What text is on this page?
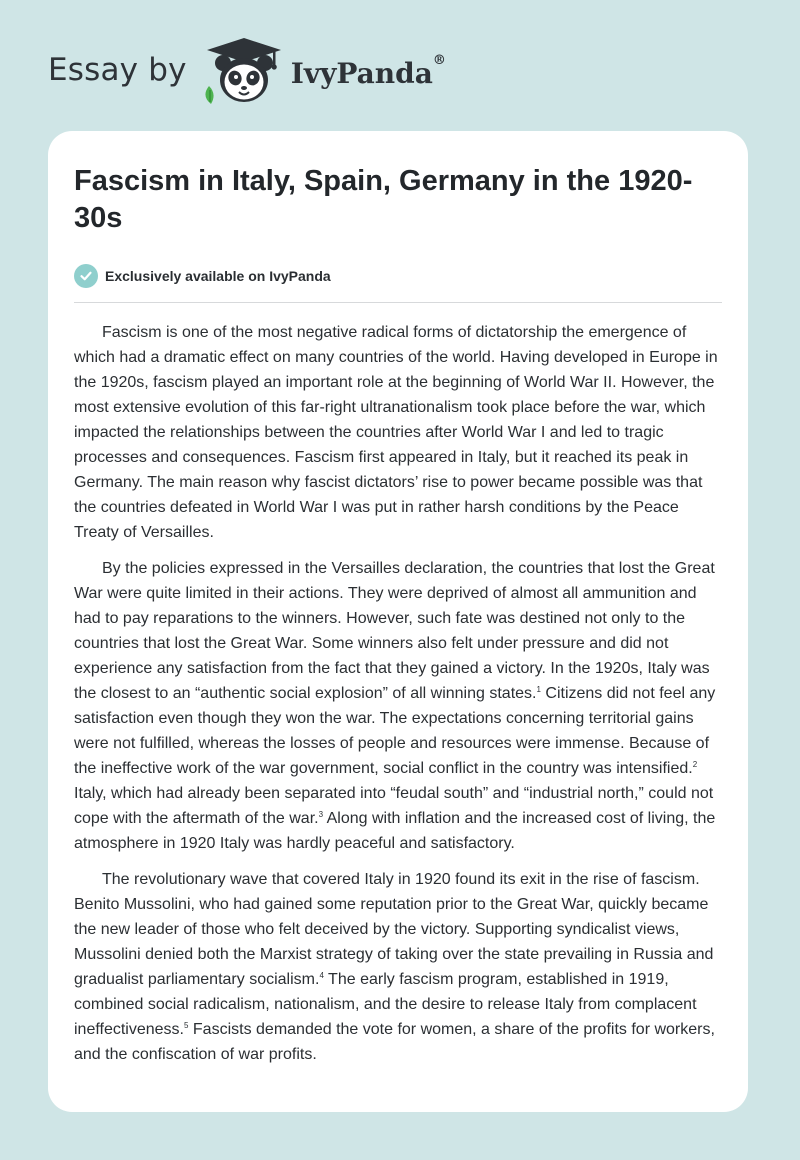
Essay by	IvyPanda®
Fascism in Italy, Spain, Germany in the 1920-30s
Exclusively available on IvyPanda

Fascism is one of the most negative radical forms of dictatorship the emergence of which had a dramatic effect on many countries of the world. Having developed in Europe in the 1920s, fascism played an important role at the beginning of World War II. However, the most extensive evolution of this far-right ultranationalism took place before the war, which impacted the relationships between the countries after World War I and led to tragic processes and consequences. Fascism first appeared in Italy, but it reached its peak in Germany. The main reason why fascist dictators’ rise to power became possible was that the countries defeated in World War I was put in rather harsh conditions by the Peace Treaty of Versailles.

By the policies expressed in the Versailles declaration, the countries that lost the Great War were quite limited in their actions. They were deprived of almost all ammunition and had to pay reparations to the winners. However, such fate was destined not only to the countries that lost the Great War. Some winners also felt under pressure and did not experience any satisfaction from the fact that they gained a victory. In the 1920s, Italy was the closest to an “authentic social explosion” of all winning states.$^1$ Citizens did not feel any satisfaction even though they won the war. The expectations concerning territorial gains were not fulfilled, whereas the losses of people and resources were immense. Because of the ineffective work of the war government, social conflict in the country was intensified.$^2$ Italy, which had already been separated into “feudal south” and “industrial north,” could not cope with the aftermath of the war.$^3$ Along with inflation and the increased cost of living, the atmosphere in 1920 Italy was hardly peaceful and satisfactory.

The revolutionary wave that covered Italy in 1920 found its exit in the rise of fascism. Benito Mussolini, who had gained some reputation prior to the Great War, quickly became the new leader of those who felt deceived by the victory. Supporting syndicalist views, Mussolini denied both the Marxist strategy of taking over the state prevailing in Russia and gradualist parliamentary socialism.$^4$ The early fascism program, established in 1919, combined social radicalism, nationalism, and the desire to release Italy from complacent ineffectiveness.$^5$ Fascists demanded the vote for women, a share of the profits for workers, and the confiscation of war profits.
